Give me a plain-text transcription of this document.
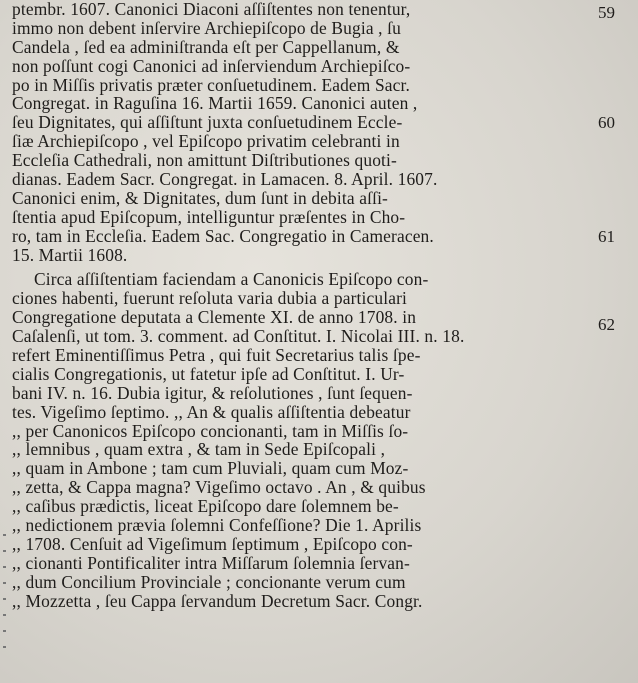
ptembr. 1607. Canonici Diaconi aſſiſtentes non tenentur,
immo non debent inſervire Archiepiſcopo de Bugia , ſu
Candela , ſed ea adminiſtranda eſt per Cappellanum, &
non poſſunt cogi Canonici ad inſerviendum Archiepiſco-
po in Miſſis privatis præter conſuetudinem. Eadem Sacr.
Congregat. in Raguſina 16. Martii 1659. Canonici auten ,
ſeu Dignitates, qui aſſiſtunt juxta conſuetudinem Eccle-
ſiæ Archiepiſcopo , vel Epiſcopo privatim celebranti in
Eccleſia Cathedrali, non amittunt Diſtributiones quoti-
dianas. Eadem Sacr. Congregat. in Lamacen. 8. April. 1607.
Canonici enim, & Dignitates, dum ſunt in debita aſſi-
ſtentia apud Epiſcopum, intelliguntur præſentes in Cho-
ro, tam in Eccleſia. Eadem Sac. Congregatio in Cameracen.
15. Martii 1608.
Circa aſſiſtentiam faciendam a Canonicis Epiſcopo con-
ciones habenti, fuerunt reſoluta varia dubia a particulari
Congregatione deputata a Clemente XI. de anno 1708. in
Caſalenſi, ut tom. 3. comment. ad Conſtitut. I. Nicolai III. n. 18.
refert Eminentiſſimus Petra , qui fuit Secretarius talis ſpe-
cialis Congregationis, ut fatetur ipſe ad Conſtitut. I. Ur-
bani IV. n. 16. Dubia igitur, & reſolutiones , ſunt ſequen-
tes. Vigeſimo ſeptimo. ,, An & qualis aſſiſtentia debeatur
,, per Canonicos Epiſcopo concionanti, tam in Miſſis ſo-
,, lemnibus , quam extra , & tam in Sede Epiſcopali ,
,, quam in Ambone ; tam cum Pluviali, quam cum Moz-
,, zetta, & Cappa magna? Vigeſimo octavo . An , & quibus
,, caſibus prædictis, liceat Epiſcopo dare ſolemnem be-
,, nedictionem prævia ſolemni Confeſſione? Die 1. Aprilis
,, 1708. Cenſuit ad Vigeſimum ſeptimum , Epiſcopo con-
,, cionanti Pontificaliter intra Miſſarum ſolemnia ſervan-
,, dum Concilium Provinciale ; concionante verum cum
,, Mozzetta , ſeu Cappa ſervandum Decretum Sacr. Congr.
59
60
61
62
